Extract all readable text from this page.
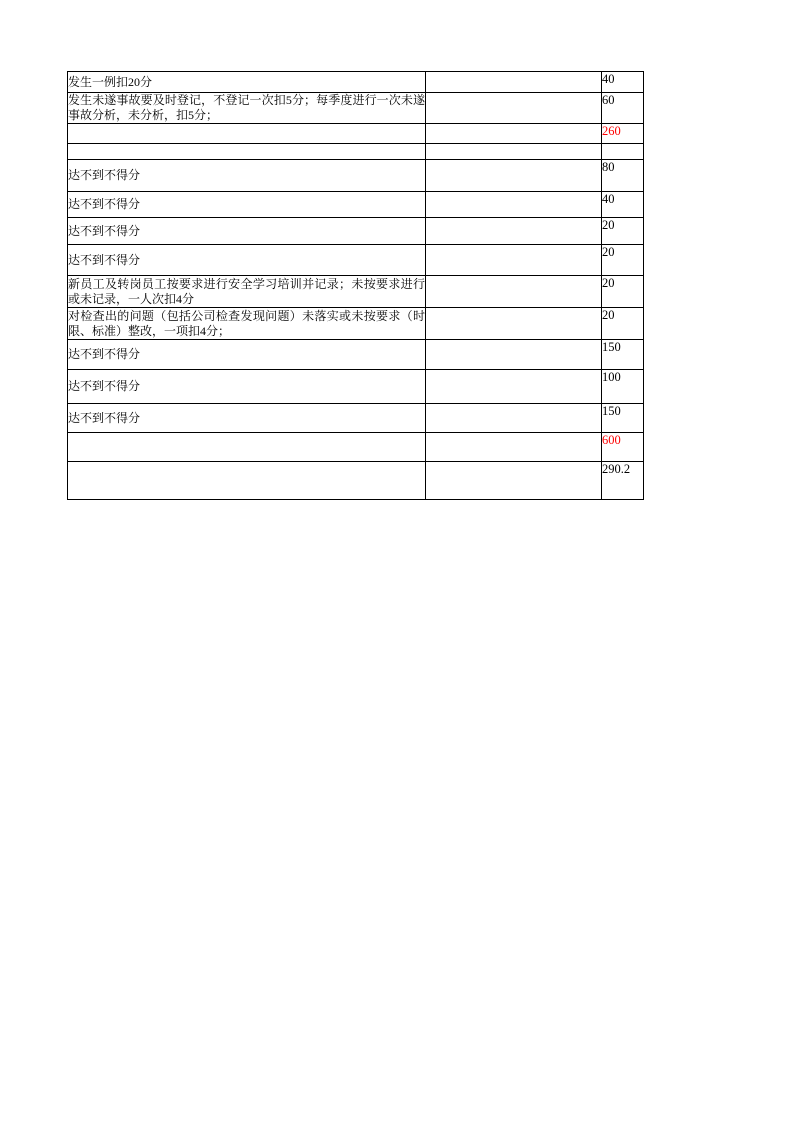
发生一例扣20分		40
发生未遂事故要及时登记，不登记一次扣5分；每季度进行一次未遂事故分析，未分析，扣5分；		60
		260

达不到不得分		80
达不到不得分		40
达不到不得分		20
达不到不得分		20
新员工及转岗员工按要求进行安全学习培训并记录；未按要求进行或未记录，一人次扣4分		20
对检查出的问题（包括公司检查发现问题）未落实或未按要求（时限、标准）整改，一项扣4分；		20
达不到不得分		150
达不到不得分		100
达不到不得分		150
		600
		290.2
